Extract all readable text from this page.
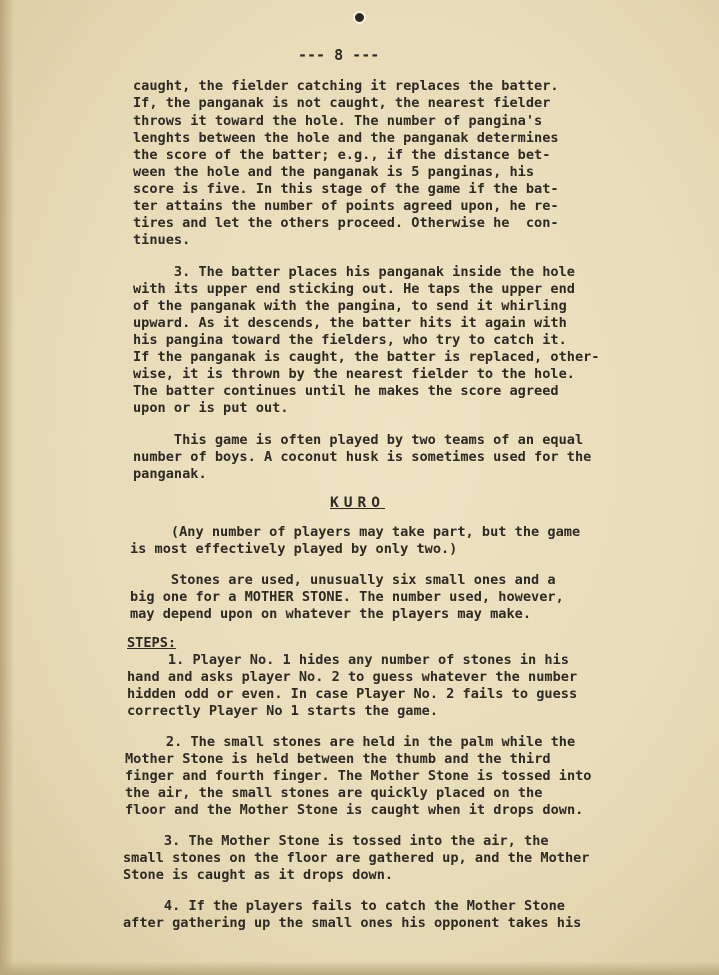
--- 8 ---
caught, the fielder catching it replaces the batter.
If, the panganak is not caught, the nearest fielder
throws it toward the hole. The number of pangina's
lenghts between the hole and the panganak determines
the score of the batter; e.g., if the distance bet-
ween the hole and the panganak is 5 panginas, his
score is five. In this stage of the game if the bat-
ter attains the number of points agreed upon, he re-
tires and let the others proceed. Otherwise he  con-
tinues.
3. The batter places his panganak inside the hole
with its upper end sticking out. He taps the upper end
of the panganak with the pangina, to send it whirling
upward. As it descends, the batter hits it again with
his pangina toward the fielders, who try to catch it.
If the panganak is caught, the batter is replaced, other-
wise, it is thrown by the nearest fielder to the hole.
The batter continues until he makes the score agreed
upon or is put out.
This game is often played by two teams of an equal
number of boys. A coconut husk is sometimes used for the
panganak.
KURO
(Any number of players may take part, but the game
is most effectively played by only two.)
Stones are used, unusually six small ones and a
big one for a MOTHER STONE. The number used, however,
may depend upon on whatever the players may make.
STEPS:
1. Player No. 1 hides any number of stones in his
hand and asks player No. 2 to guess whatever the number
hidden odd or even. In case Player No. 2 fails to guess
correctly Player No 1 starts the game.
2. The small stones are held in the palm while the
Mother Stone is held between the thumb and the third
finger and fourth finger. The Mother Stone is tossed into
the air, the small stones are quickly placed on the
floor and the Mother Stone is caught when it drops down.
3. The Mother Stone is tossed into the air, the
small stones on the floor are gathered up, and the Mother
Stone is caught as it drops down.
4. If the players fails to catch the Mother Stone
after gathering up the small ones his opponent takes his
